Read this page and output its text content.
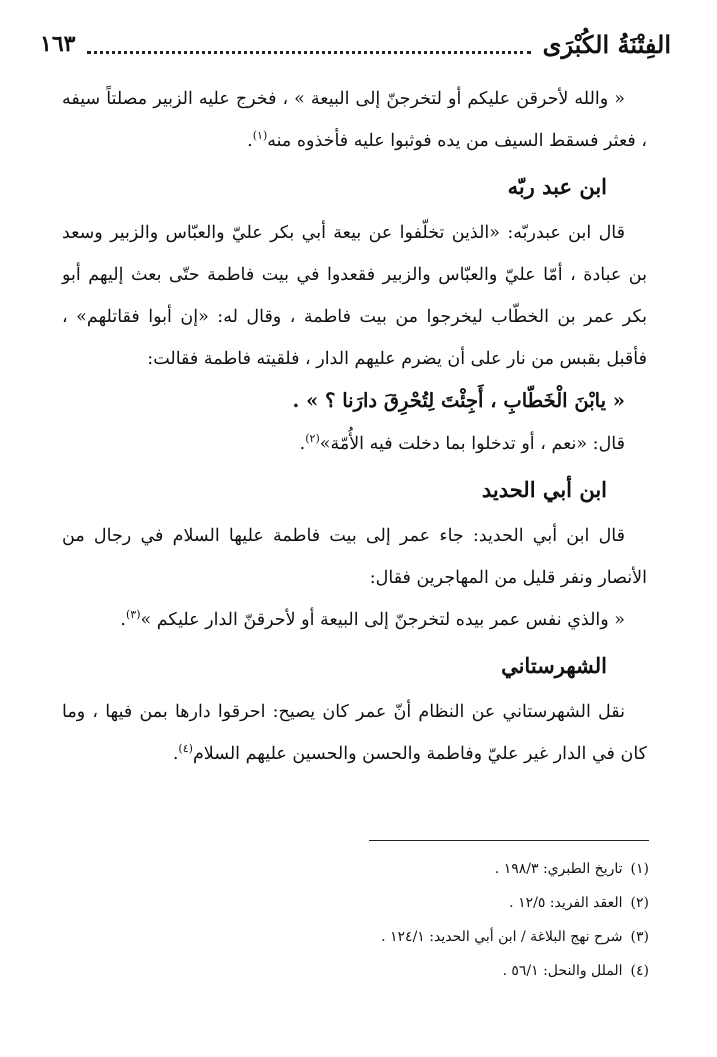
الفِتْنَةُ الكُبْرَى
١٦٣

« والله لأحرقن عليكم أو لتخرجنّ إلى البيعة » ، فخرج عليه الزبير مصلتاً سيفه ، فعثر فسقط السيف من يده فوثبوا عليه فأخذوه منه$^{(١)}$.

ابن عبد ربّه

قال ابن عبدربّه: «الذين تخلّفوا عن بيعة أبي بكر عليّ والعبّاس والزبير وسعد بن عبادة ، أمّا عليّ والعبّاس والزبير فقعدوا في بيت فاطمة حتّى بعث إليهم أبو بكر عمر بن الخطّاب ليخرجوا من بيت فاطمة ، وقال له: «إن أبوا فقاتلهم» ، فأقبل بقبس من نار على أن يضرم عليهم الدار ، فلقيته فاطمة فقالت:

« يابْنَ الْخَطّابِ ، أَجِئْتَ لِتُحْرِقَ دارَنا ؟ » .

قال: «نعم ، أو تدخلوا بما دخلت فيه الأُمّة»$^{(٢)}$.

ابن أبي الحديد

قال ابن أبي الحديد: جاء عمر إلى بيت فاطمة عليها السلام في رجال من الأنصار ونفر قليل من المهاجرين فقال:

« والذي نفس عمر بيده لتخرجنّ إلى البيعة أو لأحرقنّ الدار عليكم »$^{(٣)}$.

الشهرستاني

نقل الشهرستاني عن النظام أنّ عمر كان يصيح: احرقوا دارها بمن فيها ، وما كان في الدار غير عليّ وفاطمة والحسن والحسين عليهم السلام$^{(٤)}$.

(١)
تاريخ الطبري: ١٩٨/٣ .
(٢)
العقد الفريد: ١٢/٥ .
(٣)
شرح نهج البلاغة / ابن أبي الحديد: ١٢٤/١ .
(٤)
الملل والنحل: ٥٦/١ .
